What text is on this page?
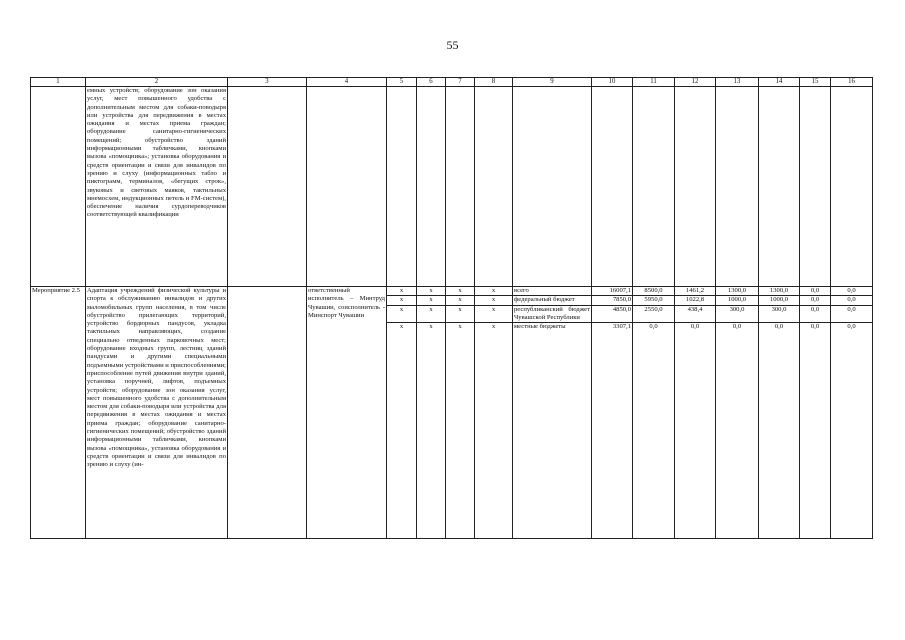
55
1	2	3	4	5	6	7	8	9	10	11	12	13	14	15	16
	емных устройств; оборудование зон оказания услуг, мест повышенного удобства с дополнительным местом для собаки-поводыря или устройства для передвижения в местах ожидания и местах приема граждан; оборудование санитарно-гигиенических помещений; обустройство зданий информационными табличками, кнопками вызова «помощника»; установка оборудования и средств ориентации и связи для инвалидов по зрению и слуху (информационных табло и пиктограмм, терминалов, «бегущих строк», звуковых и световых маяков, тактильных мнемосхем, индукционных петель и FM-систем), обеспечение наличия сурдопереводчиков соответствующей квалификации														
Мероприятие 2.5	Адаптация учреждений физической культуры и спорта к обслуживанию инвалидов и других маломобильных групп населения, в том числе обустройство прилегающих территорий, устройство бордюрных пандусов, укладка тактильных направляющих, создание специально отведенных парковочных мест; оборудование входных групп, лестниц зданий пандусами и другими специальными подъемными устройствами и приспособлениями; приспособление путей движения внутри зданий, установка поручней, лифтов, подъемных устройств; оборудование зон оказания услуг, мест повышенного удобства с дополнительным местом для собаки-поводыря или устройства для передвижения в местах ожидания и местах приема граждан; оборудование санитарно-гигиенических помещений; обустройство зданий информационными табличками, кнопками вызова «помощника», установка оборудования и средств ориентации и связи для инвалидов по зрению и слуху (ин-		ответственный исполнитель – Минтруд Чувашии, соисполнитель - Минспорт Чувашии	x	x	x	x	всего	16007,1	8500,0	1461,2	1300,0	1300,0	0,0	0,0
				x	x	x	x	федеральный бюджет	7850,0	5950,0	1022,8	1000,0	1000,0	0,0	0,0
				x	x	x	x	республиканский бюджет Чувашской Республики	4850,0	2550,0	438,4	300,0	300,0	0,0	0,0
				x	x	x	x	местные бюджеты	3307,1	0,0	0,0	0,0	0,0	0,0	0,0
